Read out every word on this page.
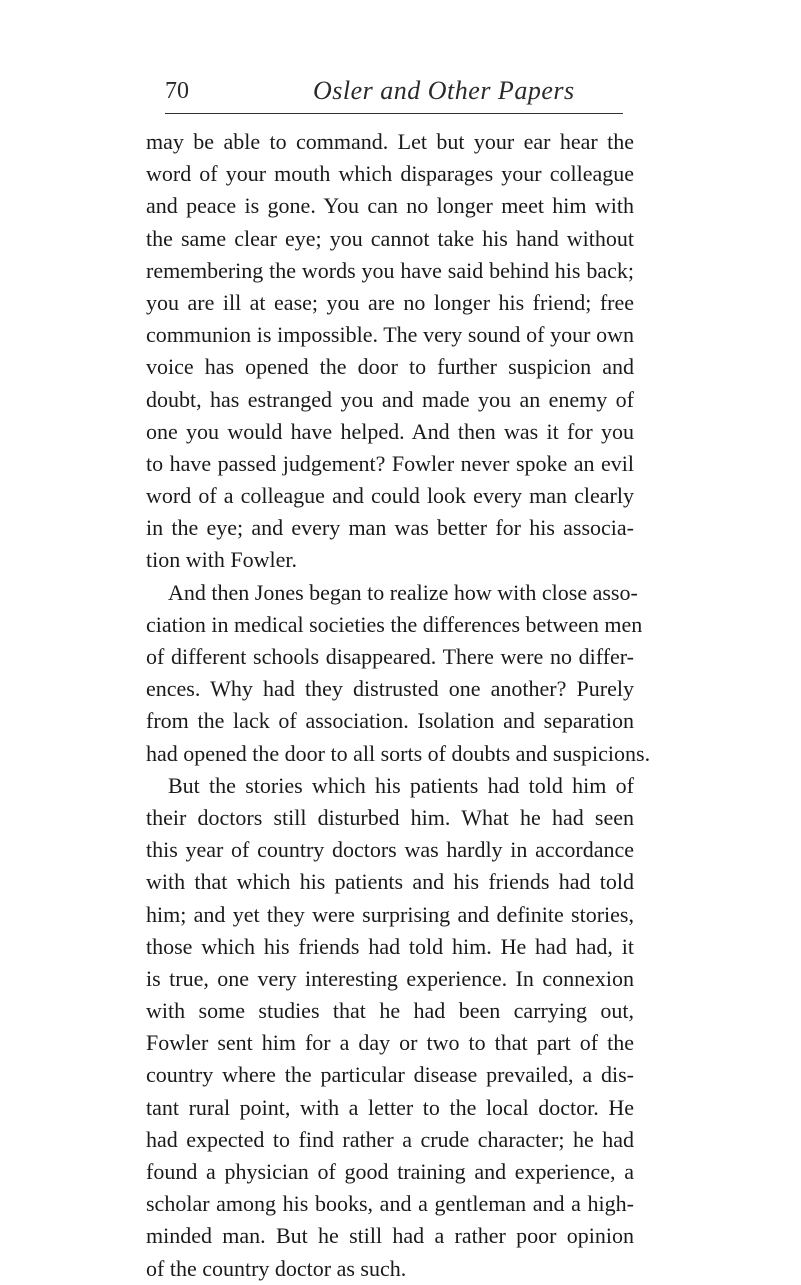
70	Osler and Other Papers
may be able to command. Let but your ear hear the
word of your mouth which disparages your colleague
and peace is gone. You can no longer meet him with
the same clear eye; you cannot take his hand without
remembering the words you have said behind his back;
you are ill at ease; you are no longer his friend; free
communion is impossible. The very sound of your own
voice has opened the door to further suspicion and
doubt, has estranged you and made you an enemy of
one you would have helped. And then was it for you
to have passed judgement? Fowler never spoke an evil
word of a colleague and could look every man clearly
in the eye; and every man was better for his associa-
tion with Fowler.
And then Jones began to realize how with close asso-
ciation in medical societies the differences between men
of different schools disappeared. There were no differ-
ences. Why had they distrusted one another? Purely
from the lack of association. Isolation and separation
had opened the door to all sorts of doubts and suspicions.
But the stories which his patients had told him of
their doctors still disturbed him. What he had seen
this year of country doctors was hardly in accordance
with that which his patients and his friends had told
him; and yet they were surprising and definite stories,
those which his friends had told him. He had had, it
is true, one very interesting experience. In connexion
with some studies that he had been carrying out,
Fowler sent him for a day or two to that part of the
country where the particular disease prevailed, a dis-
tant rural point, with a letter to the local doctor. He
had expected to find rather a crude character; he had
found a physician of good training and experience, a
scholar among his books, and a gentleman and a high-
minded man. But he still had a rather poor opinion
of the country doctor as such.
